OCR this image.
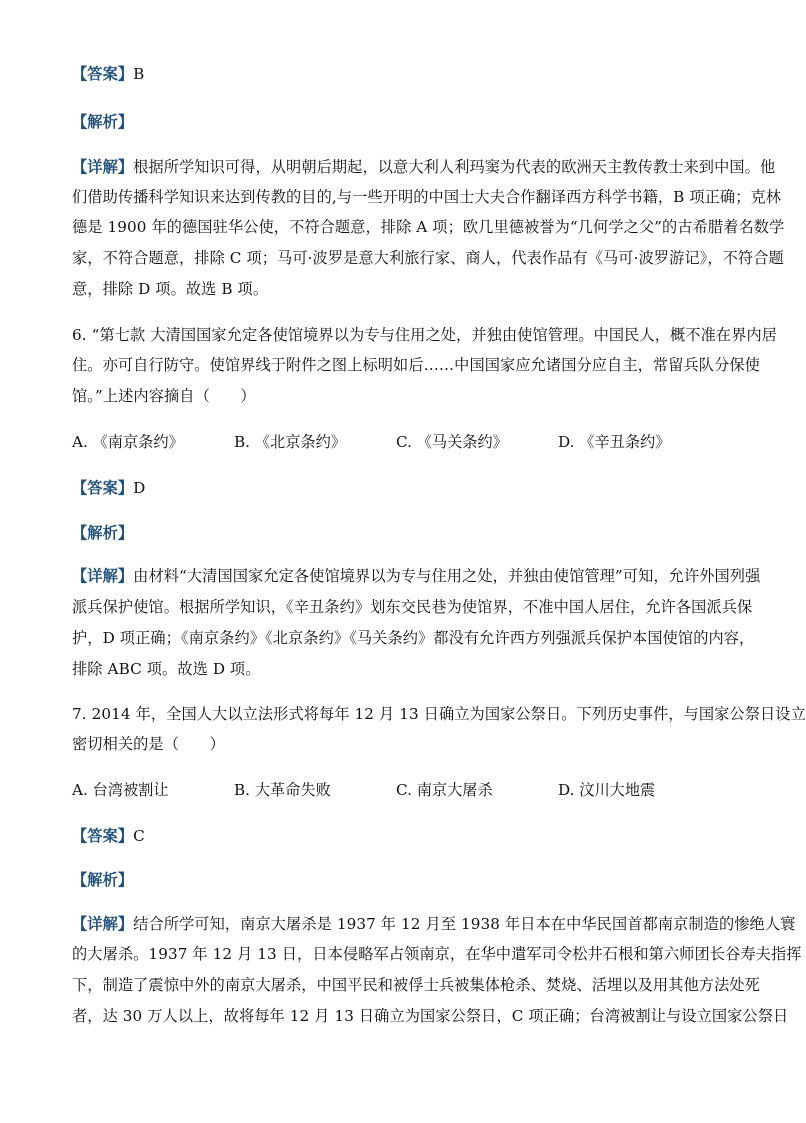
【答案】B
【解析】
【详解】根据所学知识可得，从明朝后期起，以意大利人利玛窦为代表的欧洲天主教传教士来到中国。他
们借助传播科学知识来达到传教的目的,与一些开明的中国士大夫合作翻译西方科学书籍，B 项正确；克林
德是 1900 年的德国驻华公使，不符合题意，排除 A 项；欧几里德被誉为“几何学之父”的古希腊着名数学
家，不符合题意，排除 C 项；马可·波罗是意大利旅行家、商人，代表作品有《马可·波罗游记》，不符合题
意，排除 D 项。故选 B 项。
6. “第七款 大清国国家允定各使馆境界以为专与住用之处，并独由使馆管理。中国民人，概不准在界内居
住。亦可自行防守。使馆界线于附件之图上标明如后……中国国家应允诸国分应自主，常留兵队分保使
馆。”上述内容摘自（　　）
A. 《南京条约》	B. 《北京条约》	C. 《马关条约》	D. 《辛丑条约》
【答案】D
【解析】
【详解】由材料“大清国国家允定各使馆境界以为专与住用之处，并独由使馆管理”可知，允许外国列强
派兵保护使馆。根据所学知识，《辛丑条约》划东交民巷为使馆界，不准中国人居住，允许各国派兵保
护，D 项正确；《南京条约》《北京条约》《马关条约》都没有允许西方列强派兵保护本国使馆的内容，
排除 ABC 项。故选 D 项。
7. 2014 年，全国人大以立法形式将每年 12 月 13 日确立为国家公祭日。下列历史事件，与国家公祭日设立
密切相关的是（　　）
A. 台湾被割让	B. 大革命失败	C. 南京大屠杀	D. 汶川大地震
【答案】C
【解析】
【详解】结合所学可知，南京大屠杀是 1937 年 12 月至 1938 年日本在中华民国首都南京制造的惨绝人寰
的大屠杀。1937 年 12 月 13 日，日本侵略军占领南京，在华中遣军司令松井石根和第六师团长谷寿夫指挥
下，制造了震惊中外的南京大屠杀，中国平民和被俘士兵被集体枪杀、焚烧、活埋以及用其他方法处死
者，达 30 万人以上，故将每年 12 月 13 日确立为国家公祭日，C 项正确；台湾被割让与设立国家公祭日
